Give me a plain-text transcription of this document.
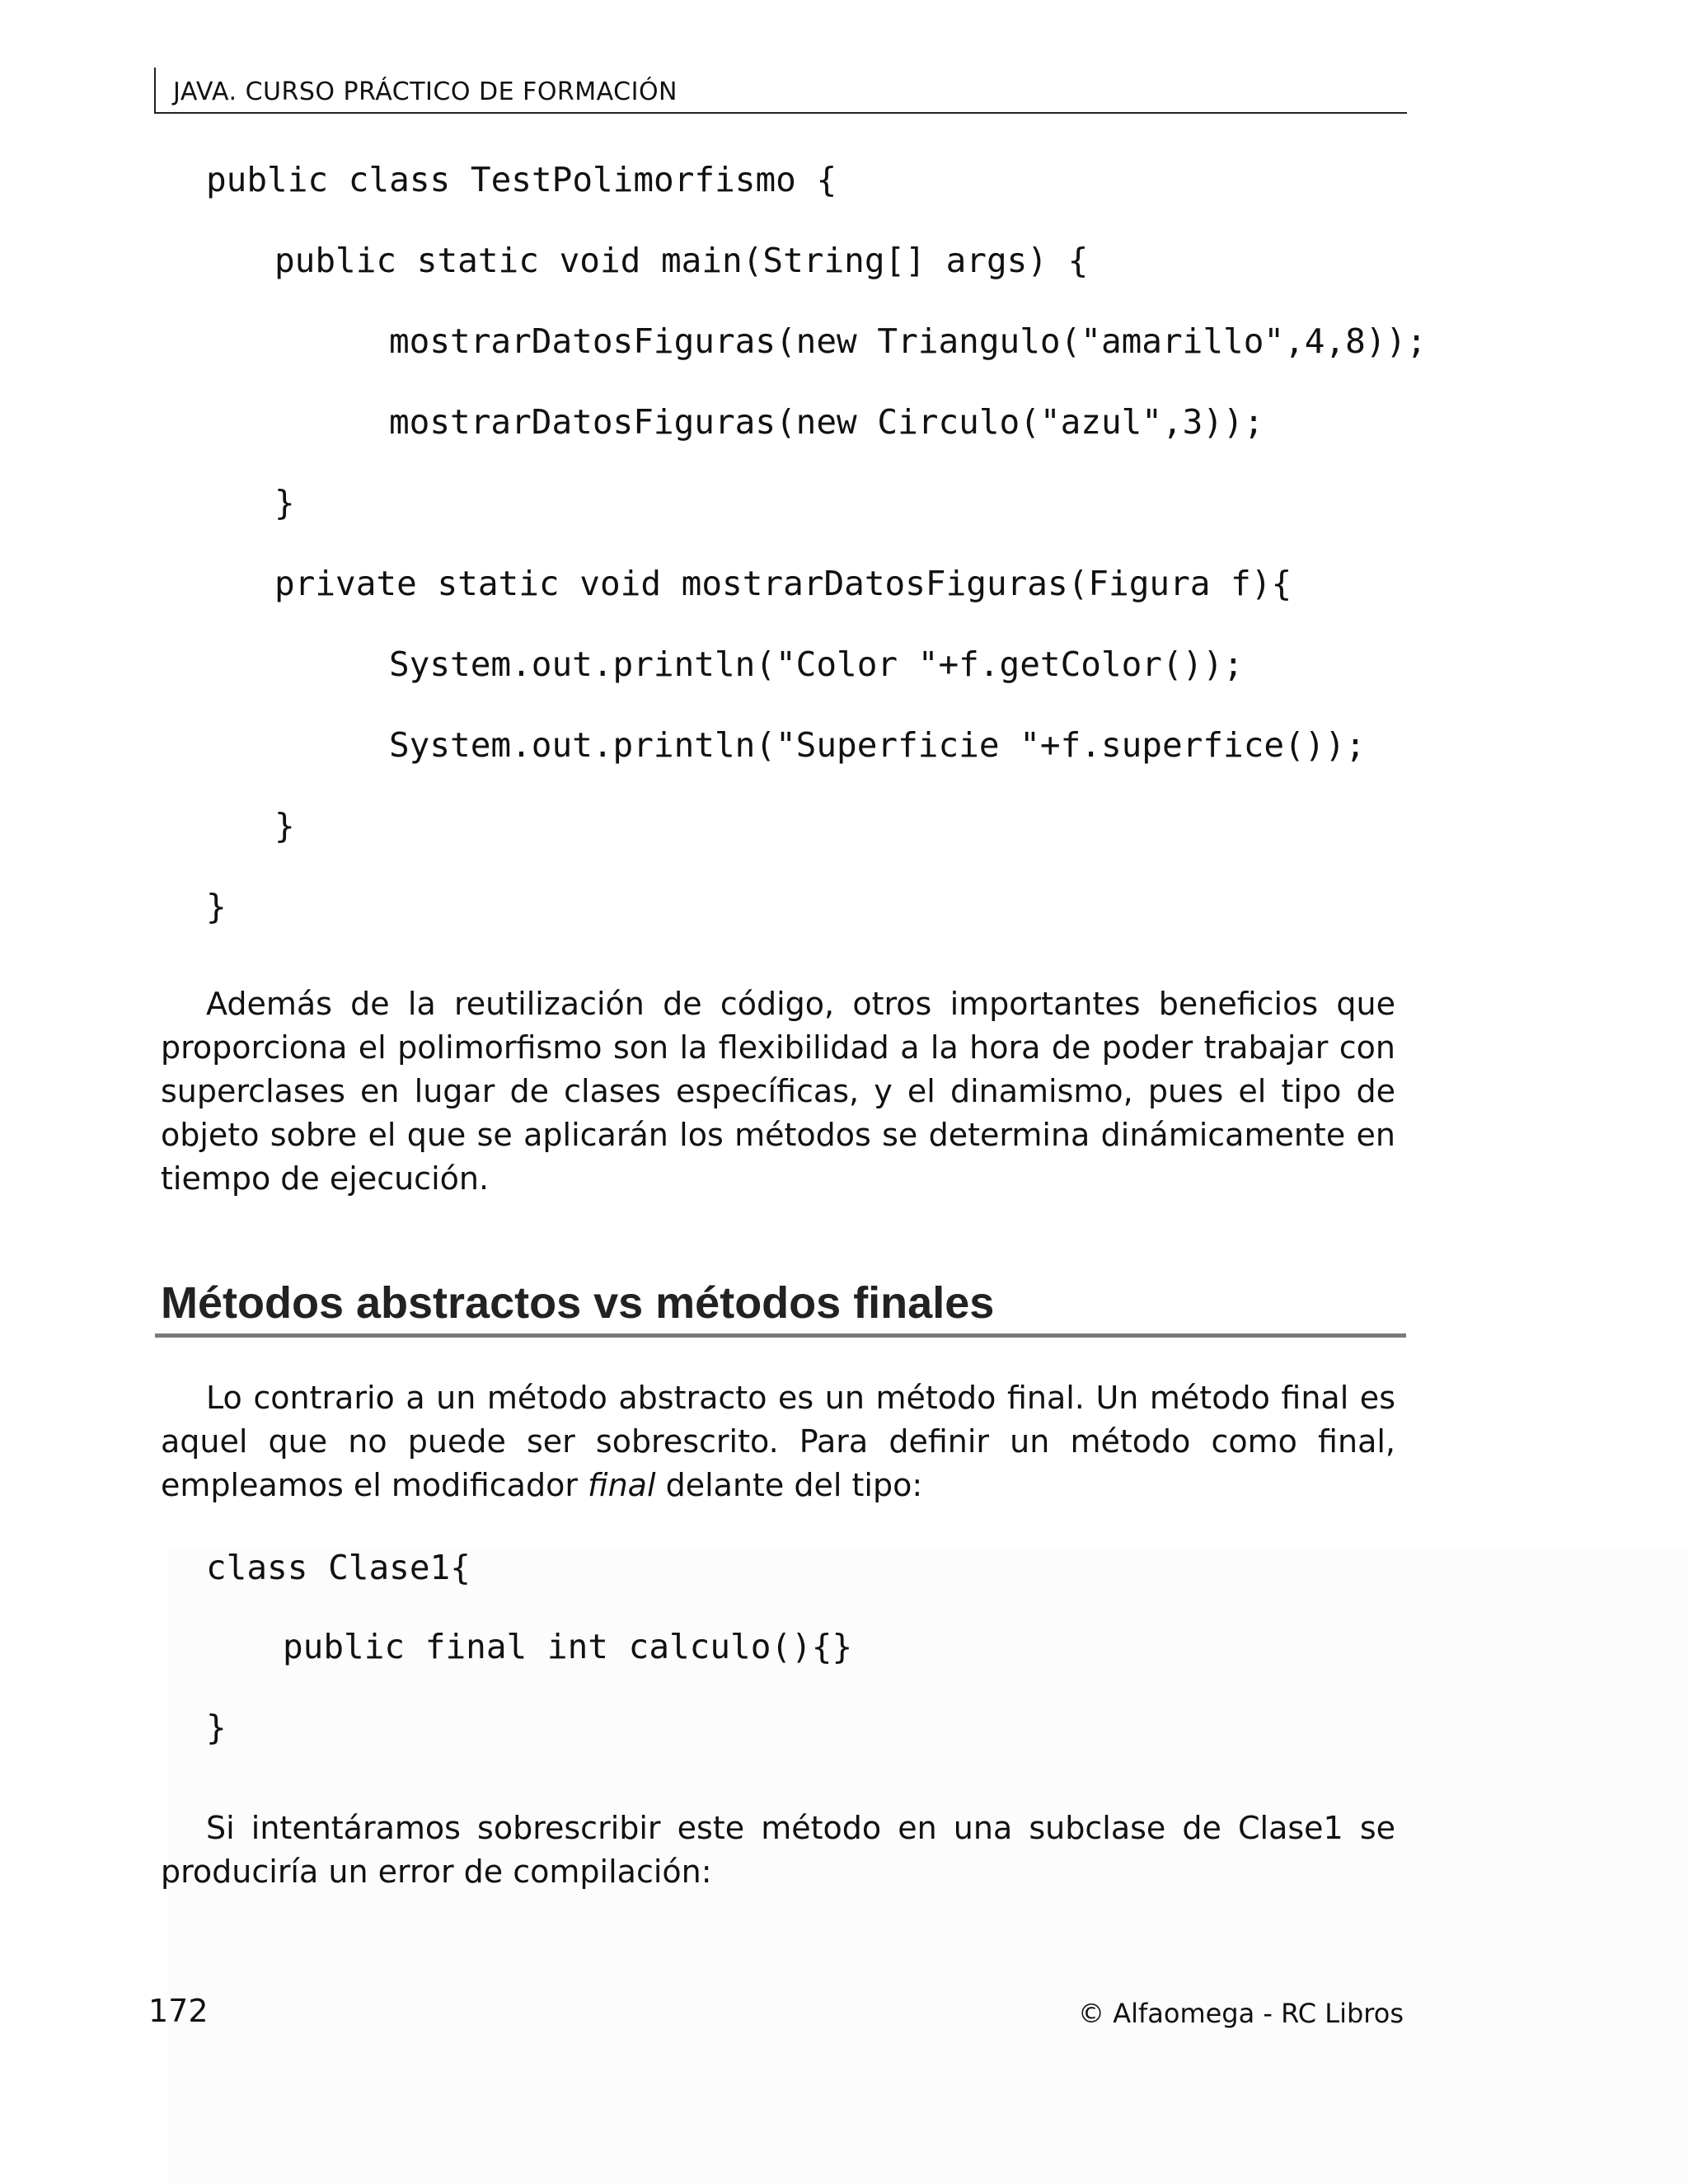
JAVA. CURSO PRÁCTICO DE FORMACIÓN
public class TestPolimorfismo {
public static void main(String[] args) {
mostrarDatosFiguras(new Triangulo("amarillo",4,8));
mostrarDatosFiguras(new Circulo("azul",3));
}
private static void mostrarDatosFiguras(Figura f){
System.out.println("Color "+f.getColor());
System.out.println("Superficie "+f.superfice());
}
}
Además de la reutilización de código, otros importantes beneficios que proporciona el polimorfismo son la flexibilidad a la hora de poder trabajar con superclases en lugar de clases específicas, y el dinamismo, pues el tipo de objeto sobre el que se aplicarán los métodos se determina dinámicamente en tiempo de ejecución.
Métodos abstractos vs métodos finales
Lo contrario a un método abstracto es un método final. Un método final es aquel que no puede ser sobrescrito. Para definir un método como final, empleamos el modificador final delante del tipo:
class Clase1{
public final int calculo(){}
}
Si intentáramos sobrescribir este método en una subclase de Clase1 se produciría un error de compilación:
172	© Alfaomega - RC Libros
